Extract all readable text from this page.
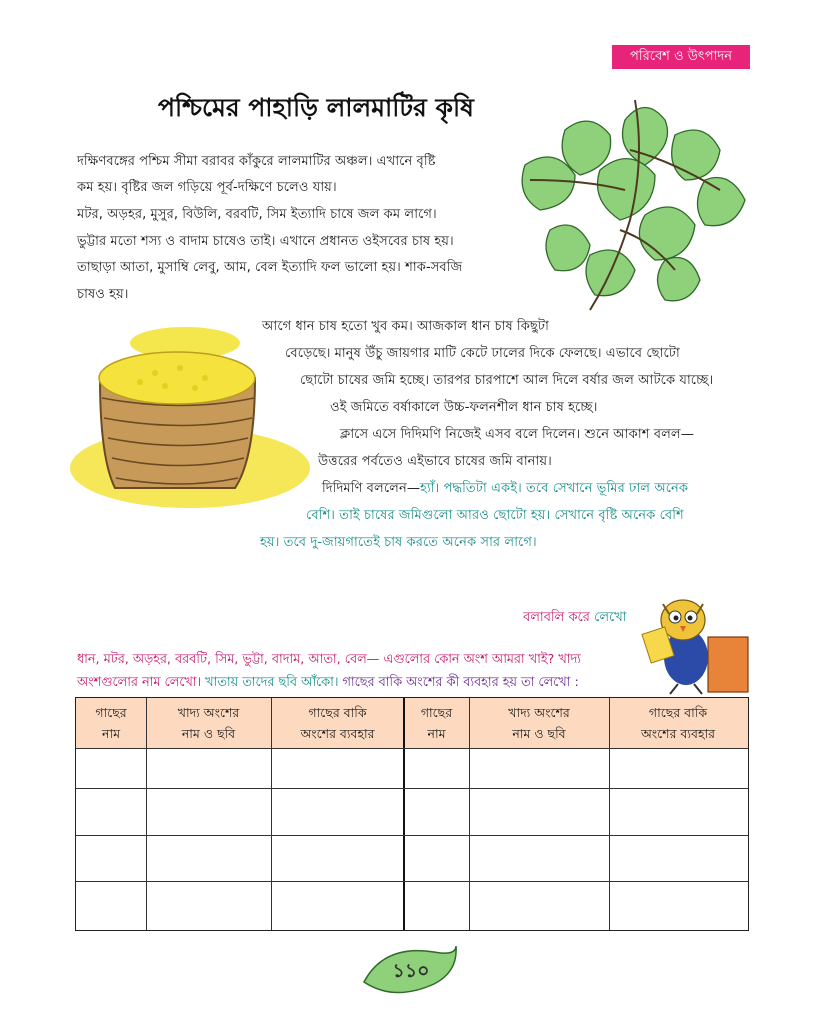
পরিবেশ ও উৎপাদন
পশ্চিমের পাহাড়ি লালমাটির কৃষি
দক্ষিণবঙ্গের পশ্চিম সীমা বরাবর কাঁকুরে লালমাটির অঞ্চল। এখানে বৃষ্টি
কম হয়। বৃষ্টির জল গড়িয়ে পূর্ব-দক্ষিণে চলেও যায়।
মটর, অড়হর, মুসুর, বিউলি, বরবটি, সিম ইত্যাদি চাষে জল কম লাগে।
ভুট্টার মতো শস্য ও বাদাম চাষেও তাই। এখানে প্রধানত ওইসবের চাষ হয়।
তাছাড়া আতা, মুসাম্বি লেবু, আম, বেল ইত্যাদি ফল ভালো হয়। শাক-সবজি
চাষও হয়।
আগে ধান চাষ হতো খুব কম। আজকাল ধান চাষ কিছুটা
বেড়েছে। মানুষ উঁচু জায়গার মাটি কেটে ঢালের দিকে ফেলছে। এভাবে ছোটো
ছোটো চাষের জমি হচ্ছে। তারপর চারপাশে আল দিলে বর্ষার জল আটকে যাচ্ছে।
ওই জমিতে বর্ষাকালে উচ্চ-ফলনশীল ধান চাষ হচ্ছে।
ক্লাসে এসে দিদিমণি নিজেই এসব বলে দিলেন। শুনে আকাশ বলল—
উত্তরের পর্বতেও এইভাবে চাষের জমি বানায়।
দিদিমণি বললেন—হ্যাঁ। পদ্ধতিটা একই। তবে সেখানে ভূমির ঢাল অনেক
বেশি। তাই চাষের জমিগুলো আরও ছোটো হয়। সেখানে বৃষ্টি অনেক বেশি
হয়। তবে দু-জায়গাতেই চাষ করতে অনেক সার লাগে।
বলাবলি করে লেখো
ধান, মটর, অড়হর, বরবটি, সিম, ভুট্টা, বাদাম, আতা, বেল— এগুলোর কোন অংশ আমরা খাই? খাদ্য
অংশগুলোর নাম লেখো। খাতায় তাদের ছবি আঁকো। গাছের বাকি অংশের কী ব্যবহার হয় তা লেখো :
গাছের
নাম
খাদ্য অংশের
নাম ও ছবি
গাছের বাকি
অংশের ব্যবহার
গাছের
নাম
খাদ্য অংশের
নাম ও ছবি
গাছের বাকি
অংশের ব্যবহার
১১০
